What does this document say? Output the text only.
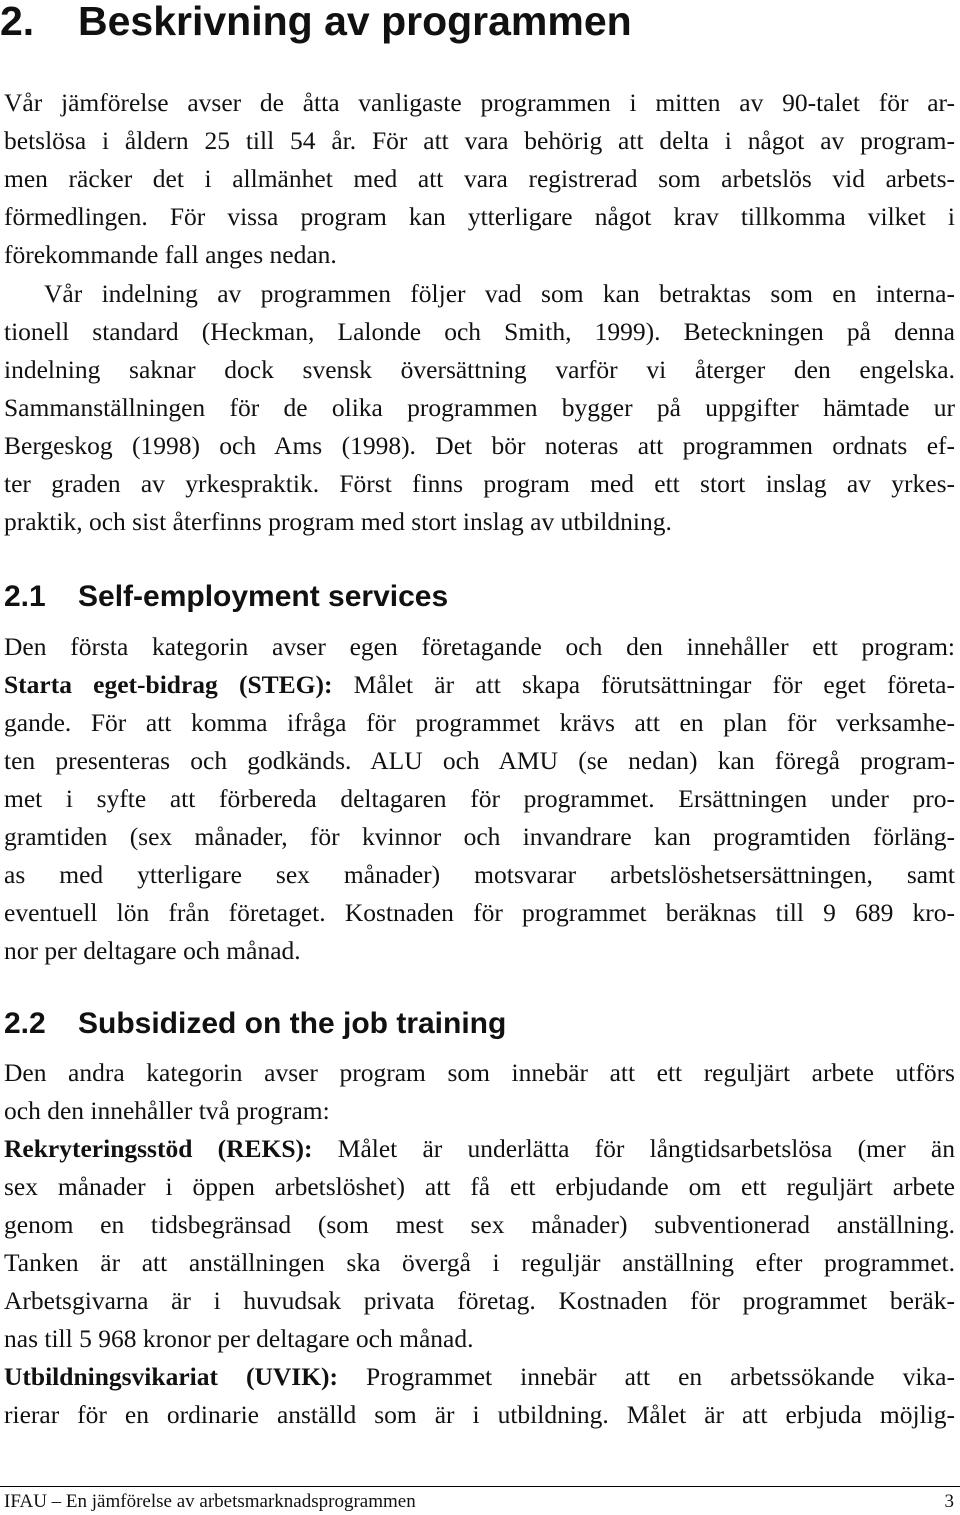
2. Beskrivning av programmen
Vår jämförelse avser de åtta vanligaste programmen i mitten av 90-talet för ar-
betslösa i åldern 25 till 54 år. För att vara behörig att delta i något av program-
men räcker det i allmänhet med att vara registrerad som arbetslös vid arbets-
förmedlingen. För vissa program kan ytterligare något krav tillkomma vilket i
förekommande fall anges nedan.
Vår indelning av programmen följer vad som kan betraktas som en interna-
tionell standard (Heckman, Lalonde och Smith, 1999). Beteckningen på denna
indelning saknar dock svensk översättning varför vi återger den engelska.
Sammanställningen för de olika programmen bygger på uppgifter hämtade ur
Bergeskog (1998) och Ams (1998). Det bör noteras att programmen ordnats ef-
ter graden av yrkespraktik. Först finns program med ett stort inslag av yrkes-
praktik, och sist återfinns program med stort inslag av utbildning.
2.1 Self-employment services
Den första kategorin avser egen företagande och den innehåller ett program:
Starta eget-bidrag (STEG): Målet är att skapa förutsättningar för eget företa-
gande. För att komma ifråga för programmet krävs att en plan för verksamhe-
ten presenteras och godkänds. ALU och AMU (se nedan) kan föregå program-
met i syfte att förbereda deltagaren för programmet. Ersättningen under pro-
gramtiden (sex månader, för kvinnor och invandrare kan programtiden förläng-
as med ytterligare sex månader) motsvarar arbetslöshetsersättningen, samt
eventuell lön från företaget. Kostnaden för programmet beräknas till 9 689 kro-
nor per deltagare och månad.
2.2 Subsidized on the job training
Den andra kategorin avser program som innebär att ett reguljärt arbete utförs
och den innehåller två program:
Rekryteringsstöd (REKS): Målet är underlätta för långtidsarbetslösa (mer än
sex månader i öppen arbetslöshet) att få ett erbjudande om ett reguljärt arbete
genom en tidsbegränsad (som mest sex månader) subventionerad anställning.
Tanken är att anställningen ska övergå i reguljär anställning efter programmet.
Arbetsgivarna är i huvudsak privata företag. Kostnaden för programmet beräk-
nas till 5 968 kronor per deltagare och månad.
Utbildningsvikariat (UVIK): Programmet innebär att en arbetssökande vika-
rierar för en ordinarie anställd som är i utbildning. Målet är att erbjuda möjlig-
IFAU – En jämförelse av arbetsmarknadsprogrammen	3
